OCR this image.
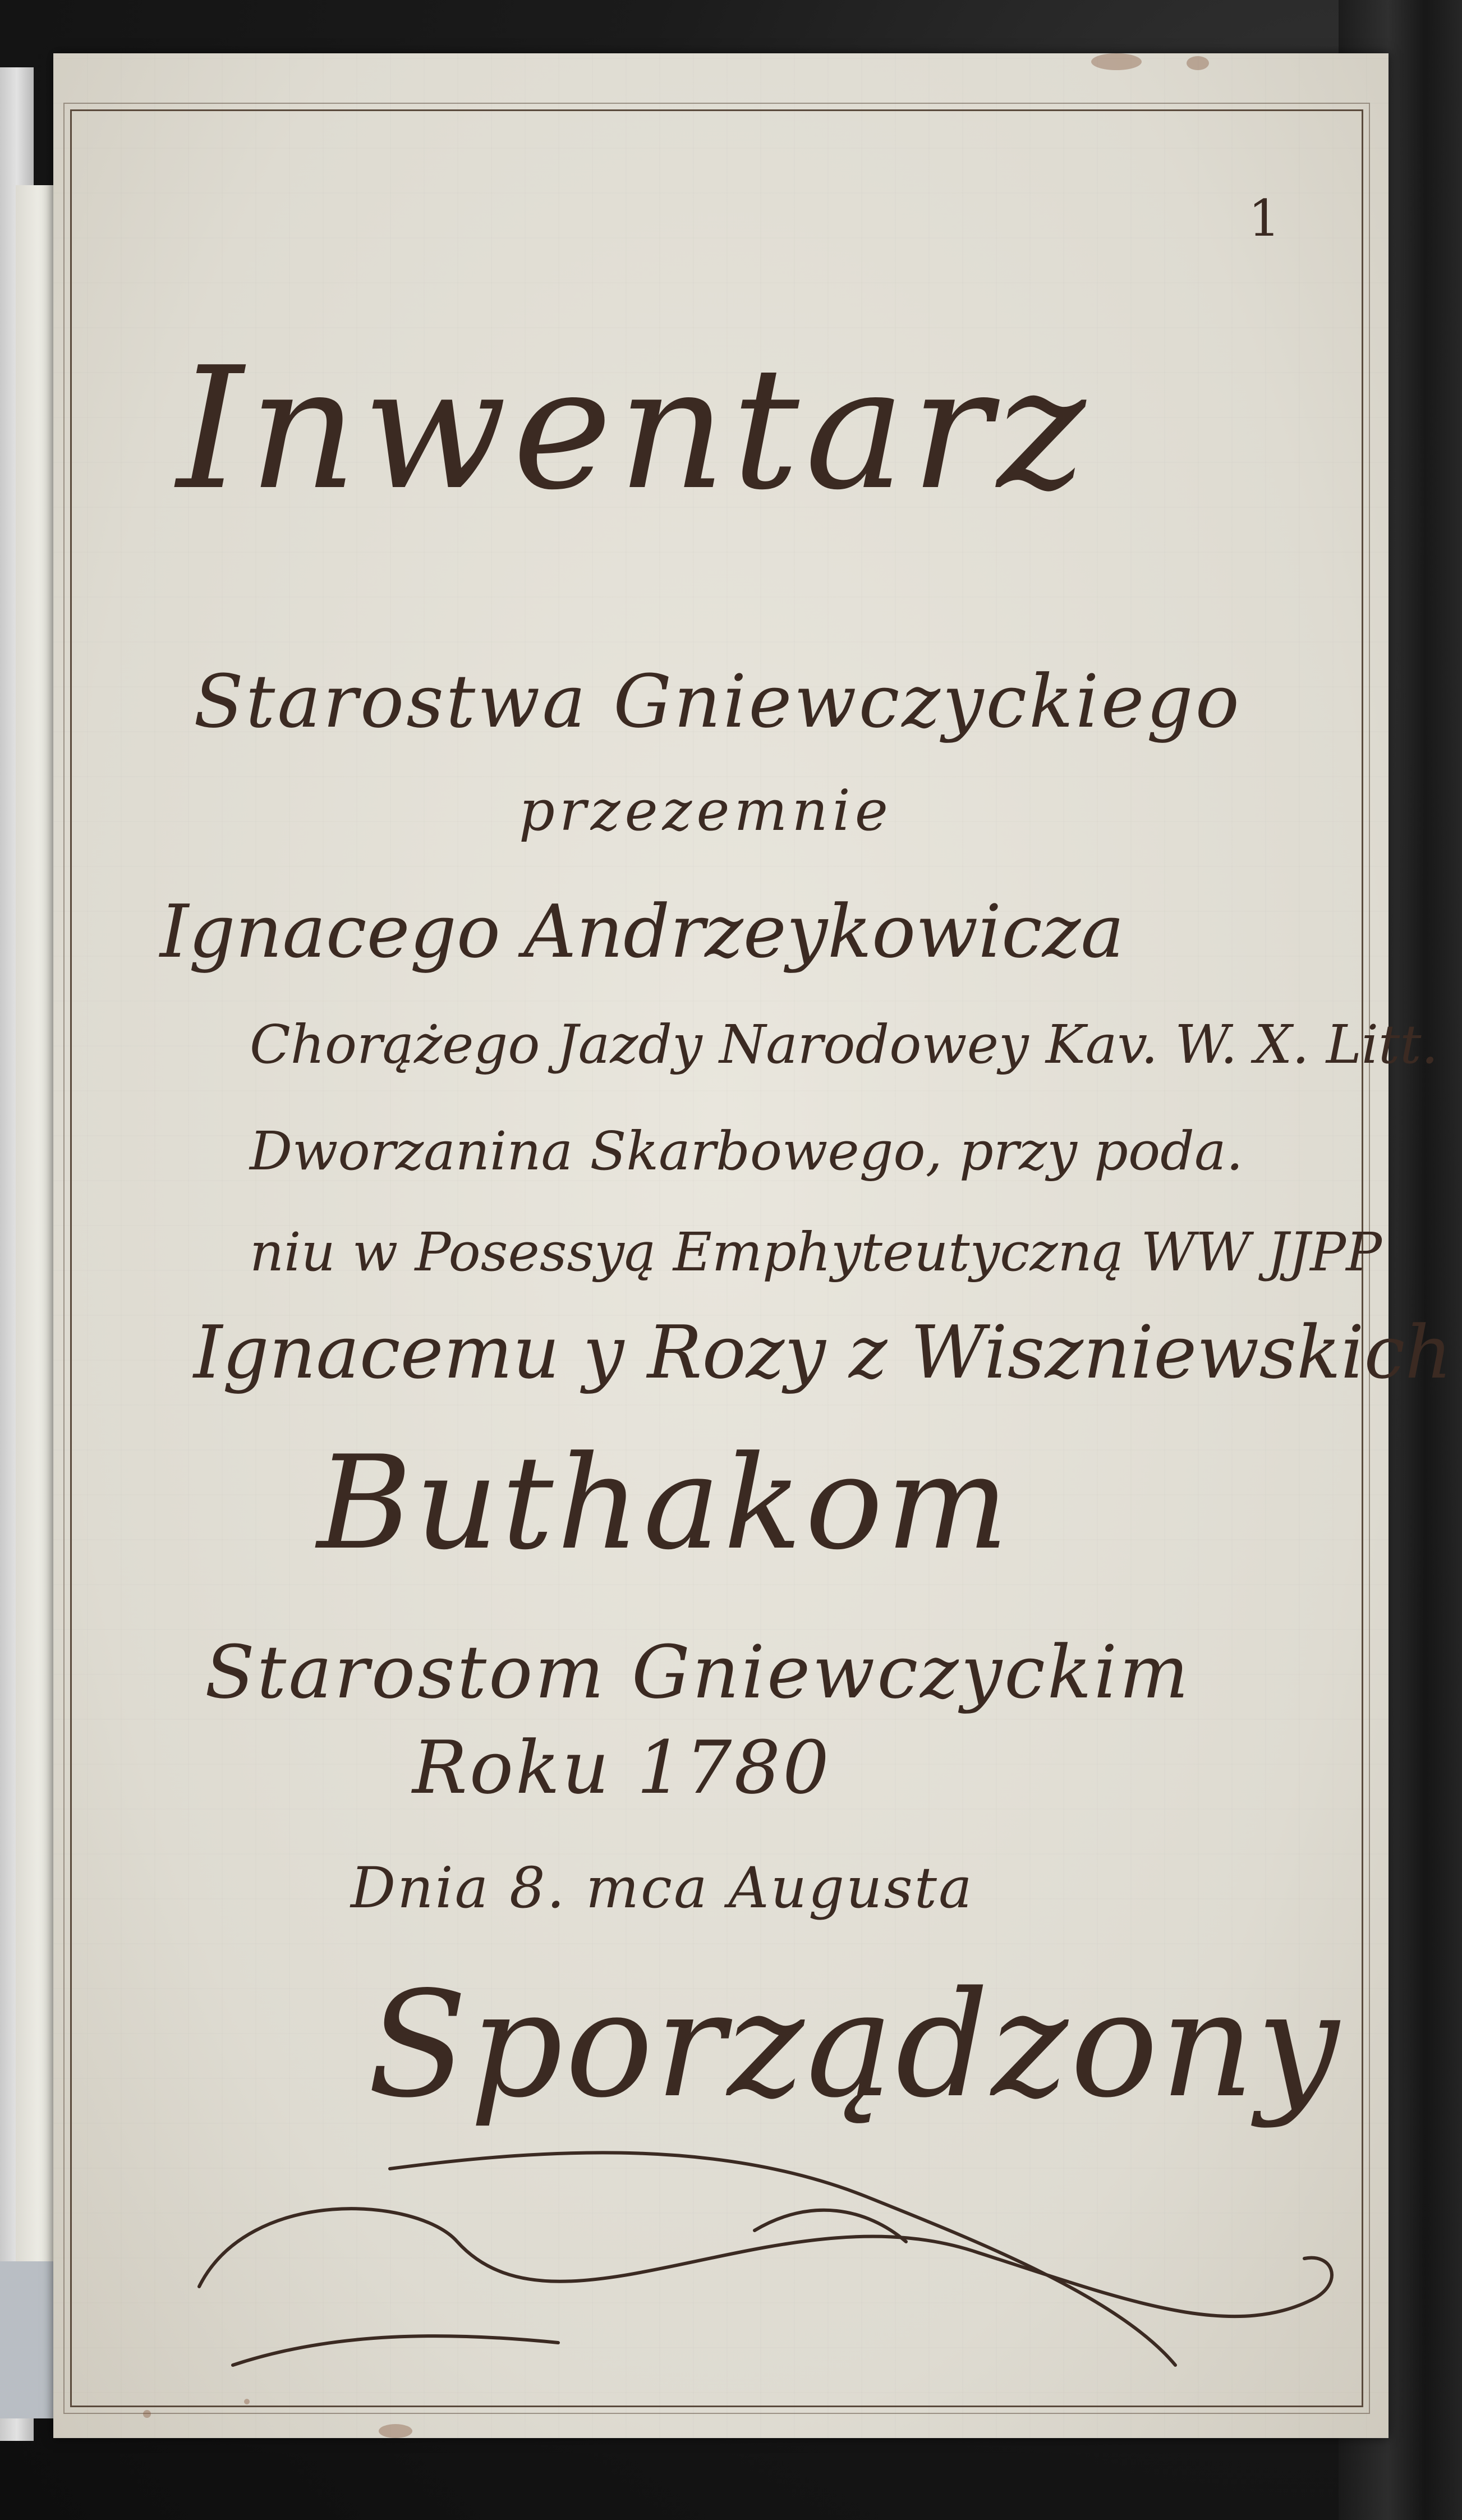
1
Inwentarz
Starostwa Gniewczyckiego
przezemnie
Ignacego Andrzeykowicza
Chorążego Jazdy Narodowey Kav. W. X. Litt.
Dworzanina Skarbowego, przy poda.
niu w Posessyą Emphyteutyczną WW JJPP
Ignacemu y Rozy z Wiszniewskich
Buthakom
Starostom Gniewczyckim
Roku 1780
Dnia 8. mca Augusta
Sporządzony
